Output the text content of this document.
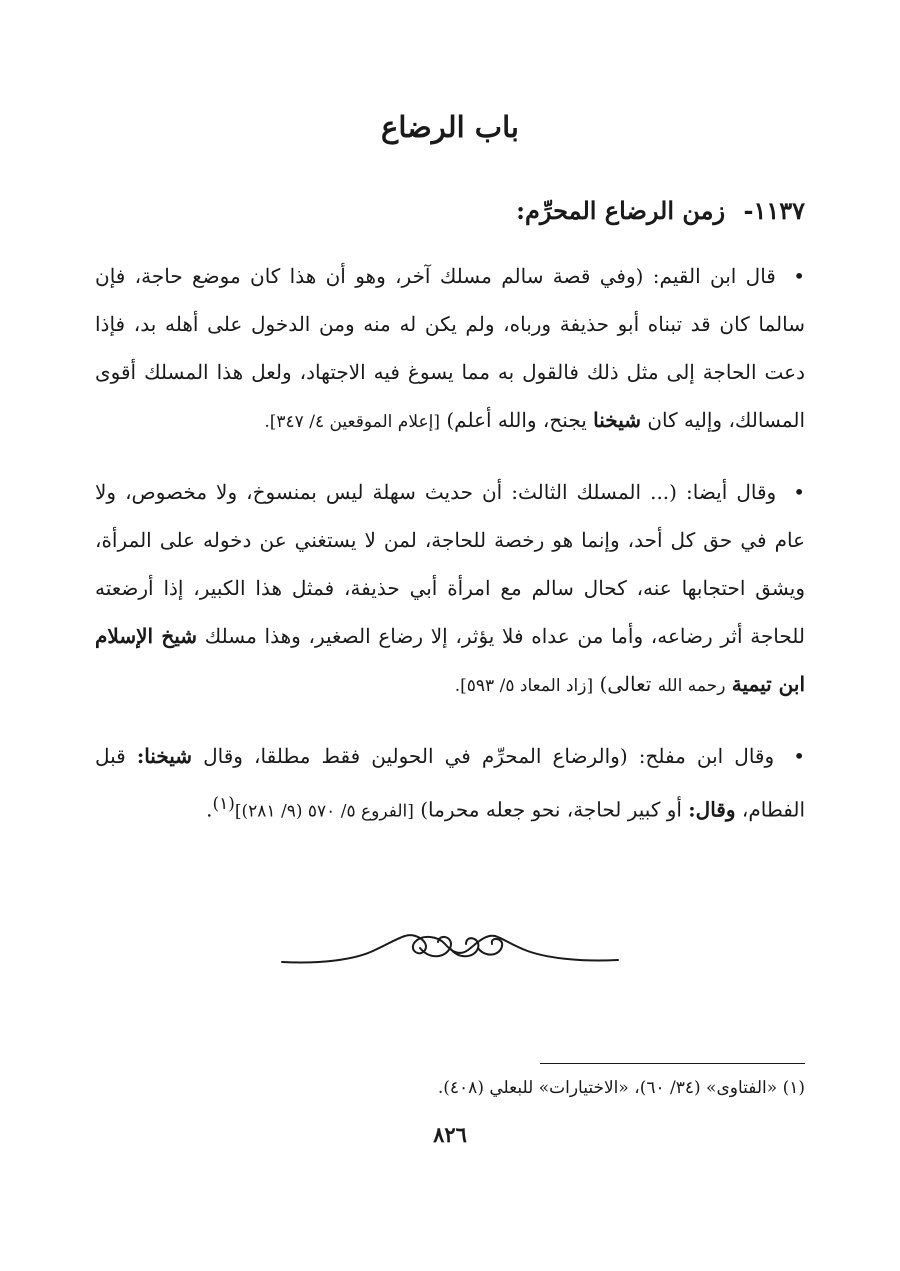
باب الرضاع
١١٣٧- زمن الرضاع المحرِّم:

• قال ابن القيم: (وفي قصة سالم مسلك آخر، وهو أن هذا كان موضع حاجة، فإن سالما كان قد تبناه أبو حذيفة ورباه، ولم يكن له منه ومن الدخول على أهله بد، فإذا دعت الحاجة إلى مثل ذلك فالقول به مما يسوغ فيه الاجتهاد، ولعل هذا المسلك أقوى المسالك، وإليه كان شيخنا يجنح، والله أعلم) [إعلام الموقعين ٤/ ٣٤٧].

• وقال أيضا: (... المسلك الثالث: أن حديث سهلة ليس بمنسوخ، ولا مخصوص، ولا عام في حق كل أحد، وإنما هو رخصة للحاجة، لمن لا يستغني عن دخوله على المرأة، ويشق احتجابها عنه، كحال سالم مع امرأة أبي حذيفة، فمثل هذا الكبير، إذا أرضعته للحاجة أثر رضاعه، وأما من عداه فلا يؤثر، إلا رضاع الصغير، وهذا مسلك شيخ الإسلام ابن تيمية رحمه الله تعالى) [زاد المعاد ٥/ ٥٩٣].

• وقال ابن مفلح: (والرضاع المحرِّم في الحولين فقط مطلقا، وقال شيخنا: قبل الفطام، وقال: أو كبير لحاجة، نحو جعله محرما) [الفروع ٥/ ٥٧٠ (٩/ ٢٨١)]$^{(١)}$.

(١) «الفتاوى» (٣٤/ ٦٠)، «الاختيارات» للبعلي (٤٠٨).

٨٢٦
